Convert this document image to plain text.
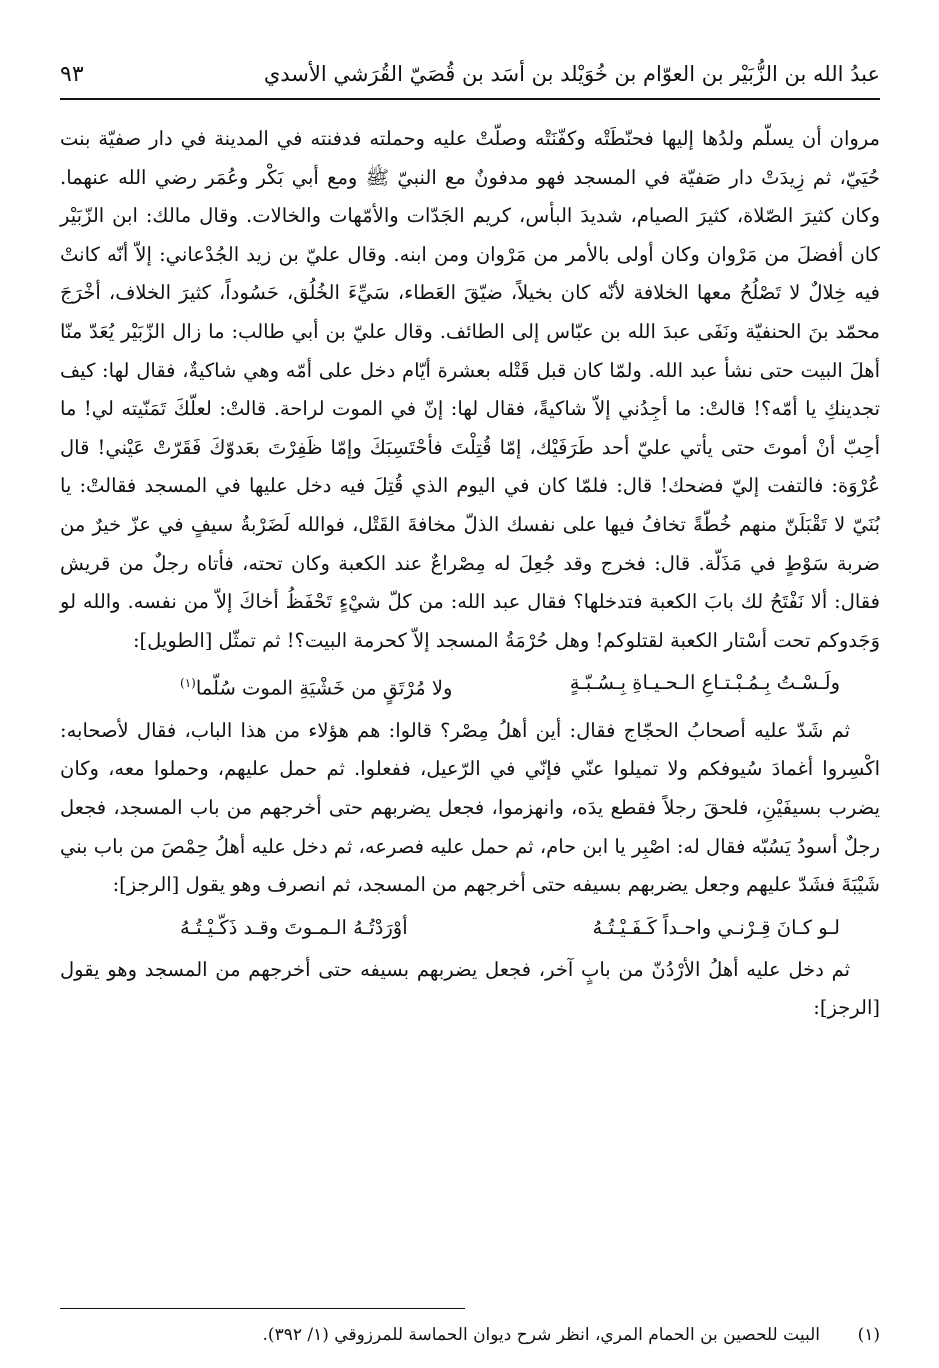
عبدُ الله بن الزُّبَيْر بن العوّام بن خُوَيْلد بن أسَد بن قُصَيّ القُرَشي الأسدي
٩٣

مروان أن يسلّم ولدُها إليها فحنّطَتْه وكفّنَتْه وصلّتْ عليه وحملته فدفنته في المدينة في دار صفيّة بنت حُيَيّ، ثم زِيدَتْ دار صَفيّة في المسجد فهو مدفونٌ مع النبيّ ﷺ ومع أبي بَكْر وعُمَر رضي الله عنهما. وكان كثيرَ الصّلاة، كثيرَ الصيام، شديدَ البأس، كريم الجَدّات والأمّهات والخالات. وقال مالك: ابن الزّبَيْر كان أفضلَ من مَرْوان وكان أولى بالأمر من مَرْوان ومن ابنه. وقال عليّ بن زيد الجُدْعاني: إلاّ أنّه كانتْ فيه خِلالٌ لا تَصْلُحُ معها الخلافة لأنّه كان بخيلاً، ضيّقَ العَطاء، سَيِّءَ الخُلُق، حَسُوداً، كثيرَ الخلاف، أخْرَجَ محمّد بنَ الحنفيّة ونَفَى عبدَ الله بن عبّاس إلى الطائف. وقال عليّ بن أبي طالب: ما زال الزّبَيْر يُعَدّ منّا أهلَ البيت حتى نشأ عبد الله. ولمّا كان قبل قَتْله بعشرة أيّام دخل على أمّه وهي شاكيةٌ، فقال لها: كيف تجدينكِ يا أمّه؟! قالتْ: ما أجِدُني إلاّ شاكيةً، فقال لها: إنّ في الموت لراحة. قالتْ: لعلّكَ تَمَنّيته لي! ما أحِبّ أنْ أموتَ حتى يأتي عليّ أحد طَرَفَيْك، إمّا قُتِلْتَ فأحْتَسِبَكَ وإمّا ظَفِرْتَ بعَدوّكَ فَقَرّتْ عَيْني! قال عُرْوَة: فالتفت إليّ فضحك! قال: فلمّا كان في اليوم الذي قُتِلَ فيه دخل عليها في المسجد فقالتْ: يا بُنَيّ لا تَقْبَلَنّ منهم خُطّةً تخافُ فيها على نفسك الذلّ مخافةَ القَتْل، فوالله لَضَرْبةُ سيفٍ في عزّ خيرٌ من ضربة سَوْطٍ في مَذَلّة. قال: فخرج وقد جُعِلَ له مِصْراعٌ عند الكعبة وكان تحته، فأتاه رجلٌ من قريش فقال: ألا نَفْتَحُ لك بابَ الكعبة فتدخلها؟ فقال عبد الله: من كلّ شيْءٍ تَحْفَظُ أخاكَ إلاّ من نفسه. والله لو وَجَدوكم تحت أسْتار الكعبة لقتلوكم! وهل حُرْمَةُ المسجد إلاّ كحرمة البيت؟! ثم تمثّل [الطويل]:

ولَـسْـتُ بِـمُـبْـتـاعِ الـحـيـاةِ بِـسُـبّـةٍ
ولا مُرْتَقٍ من خَشْيَةِ الموت سُلّما$^{(١)}$

ثم شَدّ عليه أصحابُ الحجّاج فقال: أين أهلُ مِصْر؟ قالوا: هم هؤلاء من هذا الباب، فقال لأصحابه: اكْسِروا أغمادَ سُيوفكم ولا تميلوا عنّي فإنّي في الرّعيل، ففعلوا. ثم حمل عليهم، وحملوا معه، وكان يضرب بسيفَيْنِ، فلحقَ رجلاً فقطع يدَه، وانهزموا، فجعل يضربهم حتى أخرجهم من باب المسجد، فجعل رجلٌ أسودُ يَسُبّه فقال له: اصْبِر يا ابن حام، ثم حمل عليه فصرعه، ثم دخل عليه أهلُ حِمْصَ من باب بني شَيْبَةَ فشَدّ عليهم وجعل يضربهم بسيفه حتى أخرجهم من المسجد، ثم انصرف وهو يقول [الرجز]:

لـو كـانَ قِـرْنـي واحـداً كَـفَـيْـتُـهُ
أوْرَدْتُـهُ الـمـوتَ وقـد ذَكّـيْـتُـهُ

ثم دخل عليه أهلُ الأرْدُنّ من بابٍ آخر، فجعل يضربهم بسيفه حتى أخرجهم من المسجد وهو يقول [الرجز]:

(١)
البيت للحصين بن الحمام المري، انظر شرح ديوان الحماسة للمرزوقي (١/ ٣٩٢).
